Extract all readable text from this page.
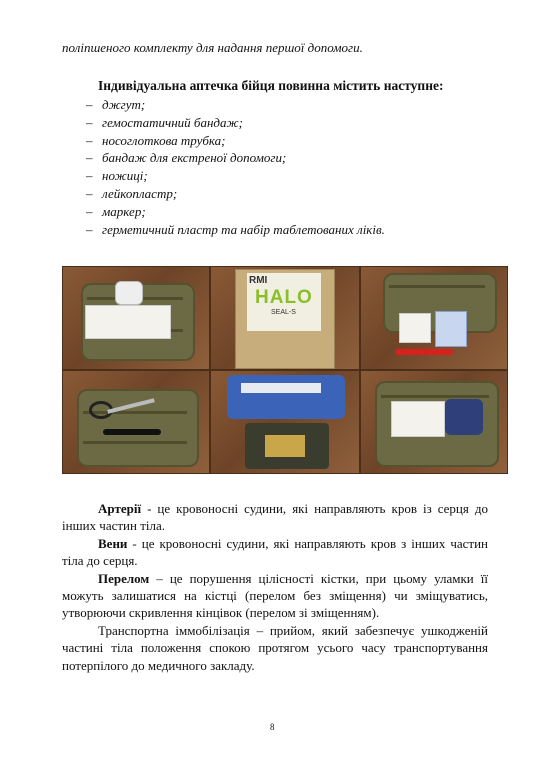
поліпшеного комплекту для надання першої допомоги.
Індивідуальна аптечка бійця повинна містить наступне:
– джгут;
– гемостатичний бандаж;
– носоглоткова трубка;
– бандаж для екстреної допомоги;
– ножиці;
– лейкопластр;
– маркер;
– герметичний пластр та набір таблетованих ліків.
RMI
HALO
SEAL-S
Артерії - це кровоносні судини, які направляють кров із серця до інших частин тіла.
Вени - це кровоносні судини, які направляють кров з інших частин тіла до серця.
Перелом – це порушення цілісності кістки, при цьому уламки її можуть залишатися на кістці (перелом без зміщення) чи зміщуватись, утворюючи скривлення кінцівок (перелом зі зміщенням).
Транспортна іммобілізація – прийом, який забезпечує ушкодженій частині тіла положення спокою протягом усього часу транспортування потерпілого до медичного закладу.
8
